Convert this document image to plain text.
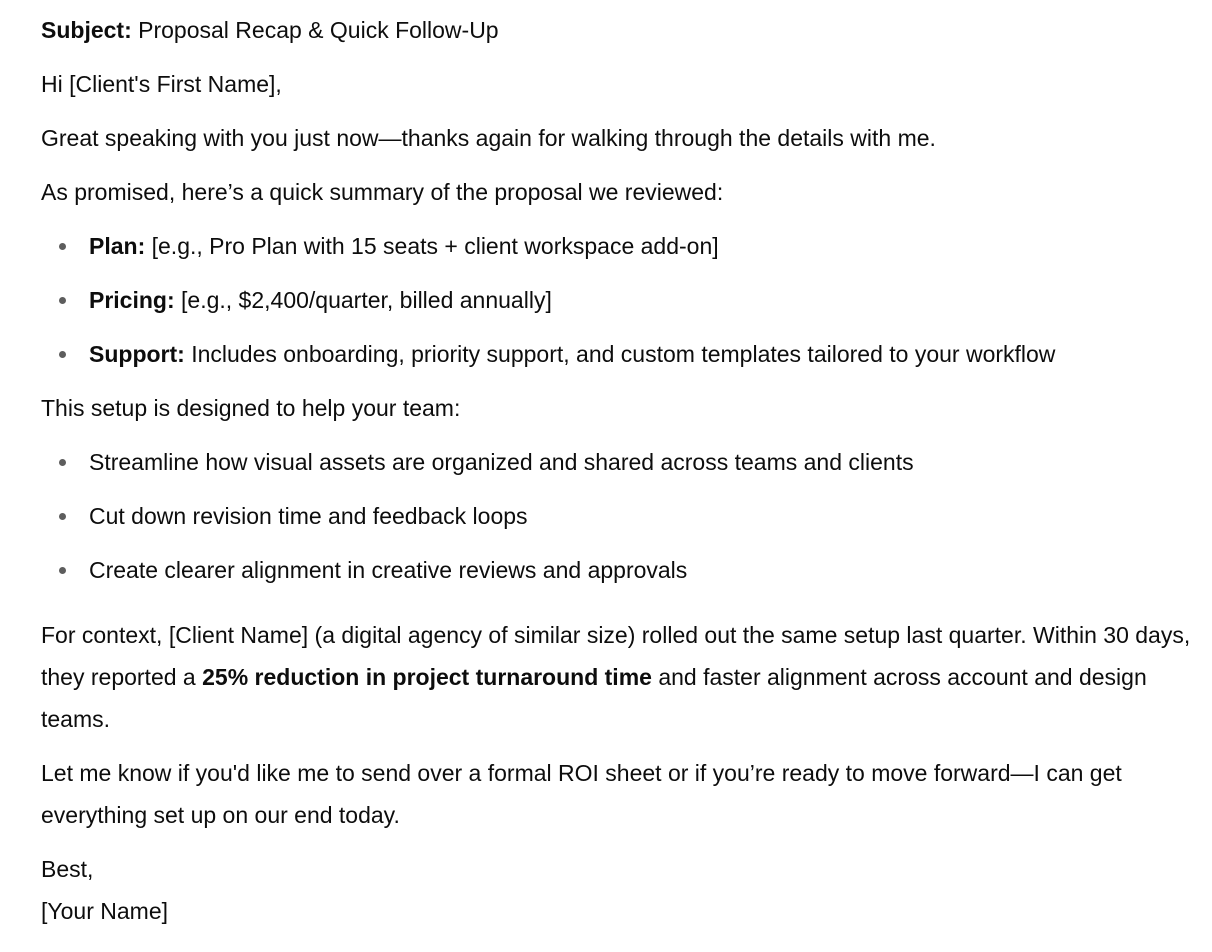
Subject: Proposal Recap & Quick Follow-Up

Hi [Client's First Name],

Great speaking with you just now—thanks again for walking through the details with me.

As promised, here’s a quick summary of the proposal we reviewed:

Plan: [e.g., Pro Plan with 15 seats + client workspace add-on]
Pricing: [e.g., $2,400/quarter, billed annually]
Support: Includes onboarding, priority support, and custom templates tailored to your workflow

This setup is designed to help your team:

Streamline how visual assets are organized and shared across teams and clients
Cut down revision time and feedback loops
Create clearer alignment in creative reviews and approvals

For context, [Client Name] (a digital agency of similar size) rolled out the same setup last quarter. Within 30 days, they reported a 25% reduction in project turnaround time and faster alignment across account and design teams.

Let me know if you'd like me to send over a formal ROI sheet or if you’re ready to move forward—I can get everything set up on our end today.

Best,
[Your Name]
